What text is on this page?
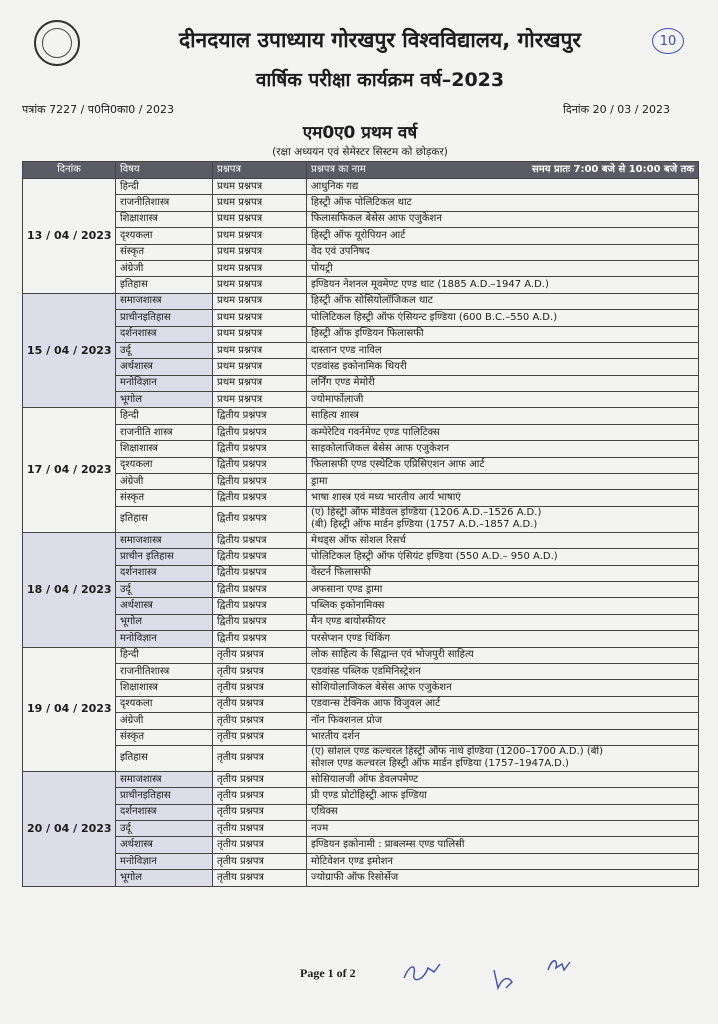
10
दीनदयाल उपाध्याय गोरखपुर विश्वविद्यालय, गोरखपुर
वार्षिक परीक्षा कार्यक्रम वर्ष–2023
पत्रांक 7227 / प0नि0का0 / 2023	दिनांक 20 / 03 / 2023
एम0ए0 प्रथम वर्ष
(रक्षा अध्ययन एवं सेमेस्टर सिस्टम को छोड़कर)
दिनांक	विषय	प्रश्नपत्र	प्रश्नपत्र का नाम समय प्रातः 7:00 बजे से 10:00 बजे तक

13 / 04 / 2023	हिन्दी	प्रथम प्रश्नपत्र	आधुनिक गद्य

	राजनीतिशास्त्र	प्रथम प्रश्नपत्र	हिस्ट्री ऑफ पोलिटिकल थाट

	शिक्षाशास्त्र	प्रथम प्रश्नपत्र	फिलासफिकल बेसेस आफ एजुकेशन

	दृश्यकला	प्रथम प्रश्नपत्र	हिस्ट्री ऑफ यूरोपियन आर्ट

	संस्कृत	प्रथम प्रश्नपत्र	वेद एवं उपनिषद

	अंग्रेजी	प्रथम प्रश्नपत्र	पोयट्री

	इतिहास	प्रथम प्रश्नपत्र	इण्डियन नेशनल मूवमेण्ट एण्ड थाट (1885 A.D.–1947 A.D.)

15 / 04 / 2023	समाजशास्त्र	प्रथम प्रश्नपत्र	हिस्ट्री ऑफ सोसियोलॉजिकल थाट

	प्राचीनइतिहास	प्रथम प्रश्नपत्र	पोलिटिकल हिस्ट्री ऑफ एंसियन्ट इण्डिया (600 B.C.–550 A.D.)

	दर्शनशास्त्र	प्रथम प्रश्नपत्र	हिस्ट्री ऑफ इण्डियन फिलासफी

	उर्दू	प्रथम प्रश्नपत्र	दास्तान एण्ड नाविल

	अर्थशास्त्र	प्रथम प्रश्नपत्र	एडवांस्ड इकोनामिक थियरी

	मनोविज्ञान	प्रथम प्रश्नपत्र	लर्निंग एण्ड मेमोरी

	भूगोल	प्रथम प्रश्नपत्र	ज्योमार्फोलाजी

17 / 04 / 2023	हिन्दी	द्वितीय प्रश्नपत्र	साहित्य शास्त्र

	राजनीति शास्त्र	द्वितीय प्रश्नपत्र	कम्पेरेटिव गवर्नमेण्ट एण्ड पालिटिक्स

	शिक्षाशास्त्र	द्वितीय प्रश्नपत्र	साइकोलाजिकल बेसेस आफ एजुकेशन

	दृश्यकला	द्वितीय प्रश्नपत्र	फिलासफी एण्ड एस्थेटिक एप्रिसिएशन आफ आर्ट

	अंग्रेजी	द्वितीय प्रश्नपत्र	ड्रामा

	संस्कृत	द्वितीय प्रश्नपत्र	भाषा शास्त्र एवं मध्य भारतीय आर्य भाषाएं

	इतिहास	द्वितीय प्रश्नपत्र	(ए) हिस्ट्री ऑफ मेडिवल इण्डिया (1206 A.D.–1526 A.D.)
(बी) हिस्ट्री ऑफ मार्डन इण्डिया (1757 A.D.–1857 A.D.)

18 / 04 / 2023	समाजशास्त्र	द्वितीय प्रश्नपत्र	मेथड्स ऑफ सोशल रिसर्च

	प्राचीन इतिहास	द्वितीय प्रश्नपत्र	पोलिटिकल हिस्ट्री ऑफ एंसियंट इण्डिया (550 A.D.– 950 A.D.)

	दर्शनशास्त्र	द्वितीय प्रश्नपत्र	वेस्टर्न फिलासफी

	उर्दू	द्वितीय प्रश्नपत्र	अफसाना एण्ड ड्रामा

	अर्थशास्त्र	द्वितीय प्रश्नपत्र	पब्लिक इकोनामिक्स

	भूगोल	द्वितीय प्रश्नपत्र	मैन एण्ड बायोस्फीयर

	मनोविज्ञान	द्वितीय प्रश्नपत्र	परसेप्शन एण्ड थिंकिंग

19 / 04 / 2023	हिन्दी	तृतीय प्रश्नपत्र	लोक साहित्य के सिद्वान्त एवं भोजपुरी साहित्य

	राजनीतिशास्त्र	तृतीय प्रश्नपत्र	एडवांस्ड पब्लिक एडमिनिस्ट्रेशन

	शिक्षाशास्त्र	तृतीय प्रश्नपत्र	सोशियोलाजिकल बेसेस आफ एजुकेशन

	दृश्यकला	तृतीय प्रश्नपत्र	एडवान्स टेक्निक आफ विजुवल आर्ट

	अंग्रेजी	तृतीय प्रश्नपत्र	नॉन फिक्शनल प्रोज

	संस्कृत	तृतीय प्रश्नपत्र	भारतीय दर्शन

	इतिहास	तृतीय प्रश्नपत्र	(ए) सोशल एण्ड कल्चरल हिस्ट्री ऑफ नार्थ इण्डिया (1200–1700 A.D.) (बी)
सोशल एण्ड कल्चरल हिस्ट्री ऑफ मार्डन इण्डिया (1757–1947A.D.)

20 / 04 / 2023	समाजशास्त्र	तृतीय प्रश्नपत्र	सोसियालजी ऑफ डेवलपमेण्ट

	प्राचीनइतिहास	तृतीय प्रश्नपत्र	प्री एण्ड प्रोटोहिस्ट्री आफ इण्डिया

	दर्शनशास्त्र	तृतीय प्रश्नपत्र	एथिक्स

	उर्दू	तृतीय प्रश्नपत्र	नज्म

	अर्थशास्त्र	तृतीय प्रश्नपत्र	इण्डियन इकोनामी : प्राबलम्स एण्ड पालिसी

	मनोविज्ञान	तृतीय प्रश्नपत्र	मोटिवेशन एण्ड इमोशन

	भूगोल	तृतीय प्रश्नपत्र	ज्योग्राफी ऑफ रिसोर्सेज
Page 1 of 2
